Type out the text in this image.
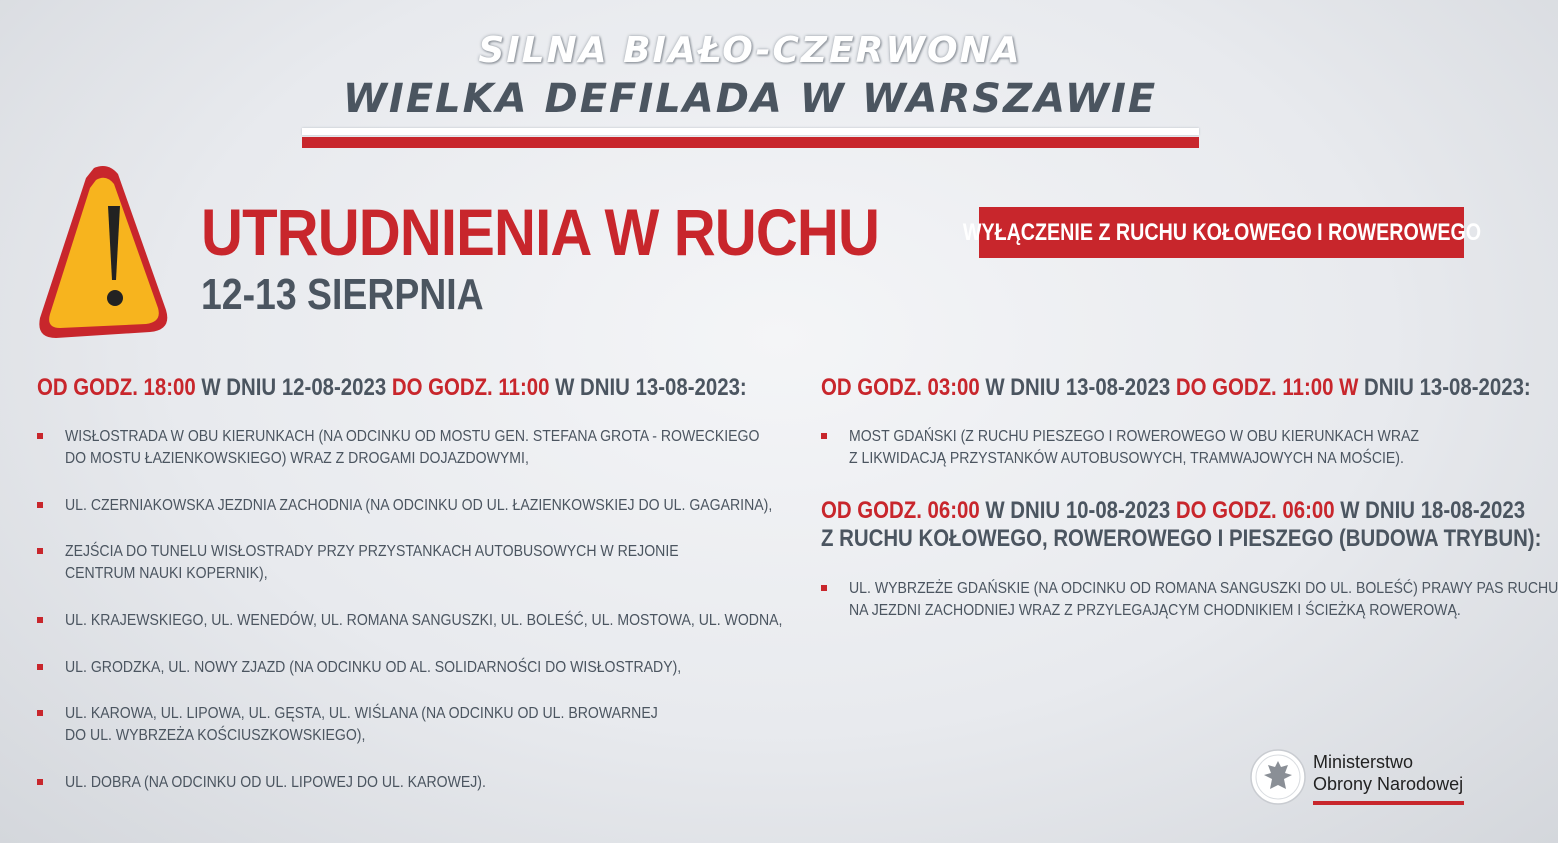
SILNA BIAŁO-CZERWONA
WIELKA DEFILADA W WARSZAWIE
UTRUDNIENIA W RUCHU
12-13 SIERPNIA
WYŁĄCZENIE Z RUCHU KOŁOWEGO I ROWEROWEGO
OD GODZ. 18:00 W DNIU 12-08-2023 DO GODZ. 11:00 W DNIU 13-08-2023:
WISŁOSTRADA W OBU KIERUNKACH (NA ODCINKU OD MOSTU GEN. STEFANA GROTA - ROWECKIEGO
DO MOSTU ŁAZIENKOWSKIEGO) WRAZ Z DROGAMI DOJAZDOWYMI,
UL. CZERNIAKOWSKA JEZDNIA ZACHODNIA (NA ODCINKU OD UL. ŁAZIENKOWSKIEJ DO UL. GAGARINA),
ZEJŚCIA DO TUNELU WISŁOSTRADY PRZY PRZYSTANKACH AUTOBUSOWYCH W REJONIE
CENTRUM NAUKI KOPERNIK),
UL. KRAJEWSKIEGO, UL. WENEDÓW, UL. ROMANA SANGUSZKI, UL. BOLEŚĆ, UL. MOSTOWA, UL. WODNA,
UL. GRODZKA, UL. NOWY ZJAZD (NA ODCINKU OD AL. SOLIDARNOŚCI DO WISŁOSTRADY),
UL. KAROWA, UL. LIPOWA, UL. GĘSTA, UL. WIŚLANA (NA ODCINKU OD UL. BROWARNEJ
DO UL. WYBRZEŻA KOŚCIUSZKOWSKIEGO),
UL. DOBRA (NA ODCINKU OD UL. LIPOWEJ DO UL. KAROWEJ).
OD GODZ. 03:00 W DNIU 13-08-2023 DO GODZ. 11:00 W DNIU 13-08-2023:
MOST GDAŃSKI (Z RUCHU PIESZEGO I ROWEROWEGO W OBU KIERUNKACH WRAZ
Z LIKWIDACJĄ PRZYSTANKÓW AUTOBUSOWYCH, TRAMWAJOWYCH NA MOŚCIE).
OD GODZ. 06:00 W DNIU 10-08-2023 DO GODZ. 06:00 W DNIU 18-08-2023
Z RUCHU KOŁOWEGO, ROWEROWEGO I PIESZEGO (BUDOWA TRYBUN):
UL. WYBRZEŻE GDAŃSKIE (NA ODCINKU OD ROMANA SANGUSZKI DO UL. BOLEŚĆ) PRAWY PAS RUCHU
NA JEZDNI ZACHODNIEJ WRAZ Z PRZYLEGAJĄCYM CHODNIKIEM I ŚCIEŻKĄ ROWEROWĄ.
Ministerstwo
Obrony Narodowej
